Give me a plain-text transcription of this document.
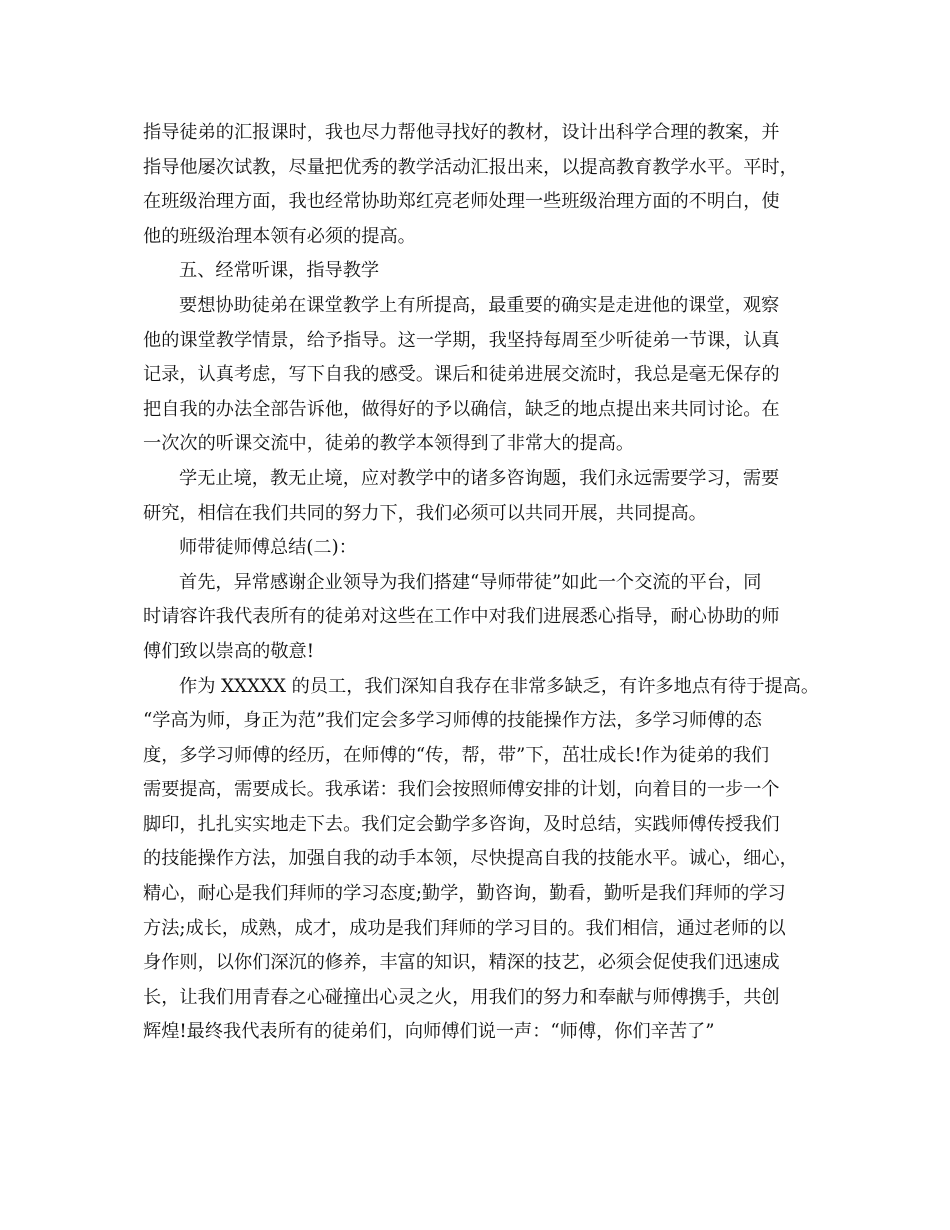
指导徒弟的汇报课时，我也尽力帮他寻找好的教材，设计出科学合理的教案，并
指导他屡次试教，尽量把优秀的教学活动汇报出来，以提高教育教学水平。平时，
在班级治理方面，我也经常协助郑红亮老师处理一些班级治理方面的不明白，使
他的班级治理本领有必须的提高。
五、经常听课，指导教学
要想协助徒弟在课堂教学上有所提高，最重要的确实是走进他的课堂，观察
他的课堂教学情景，给予指导。这一学期，我坚持每周至少听徒弟一节课，认真
记录，认真考虑，写下自我的感受。课后和徒弟进展交流时，我总是毫无保存的
把自我的办法全部告诉他，做得好的予以确信，缺乏的地点提出来共同讨论。在
一次次的听课交流中，徒弟的教学本领得到了非常大的提高。
学无止境，教无止境，应对教学中的诸多咨询题，我们永远需要学习，需要
研究，相信在我们共同的努力下，我们必须可以共同开展，共同提高。
师带徒师傅总结(二)：
首先，异常感谢企业领导为我们搭建“导师带徒”如此一个交流的平台，同
时请容许我代表所有的徒弟对这些在工作中对我们进展悉心指导，耐心协助的师
傅们致以崇高的敬意!
作为 XXXXX 的员工，我们深知自我存在非常多缺乏，有许多地点有待于提高。
“学高为师，身正为范”我们定会多学习师傅的技能操作方法，多学习师傅的态
度，多学习师傅的经历，在师傅的“传，帮，带”下，茁壮成长!作为徒弟的我们
需要提高，需要成长。我承诺：我们会按照师傅安排的计划，向着目的一步一个
脚印，扎扎实实地走下去。我们定会勤学多咨询，及时总结，实践师傅传授我们
的技能操作方法，加强自我的动手本领，尽快提高自我的技能水平。诚心，细心，
精心，耐心是我们拜师的学习态度;勤学，勤咨询，勤看，勤听是我们拜师的学习
方法;成长，成熟，成才，成功是我们拜师的学习目的。我们相信，通过老师的以
身作则，以你们深沉的修养，丰富的知识，精深的技艺，必须会促使我们迅速成
长，让我们用青春之心碰撞出心灵之火，用我们的努力和奉献与师傅携手，共创
辉煌!最终我代表所有的徒弟们，向师傅们说一声：“师傅，你们辛苦了”
